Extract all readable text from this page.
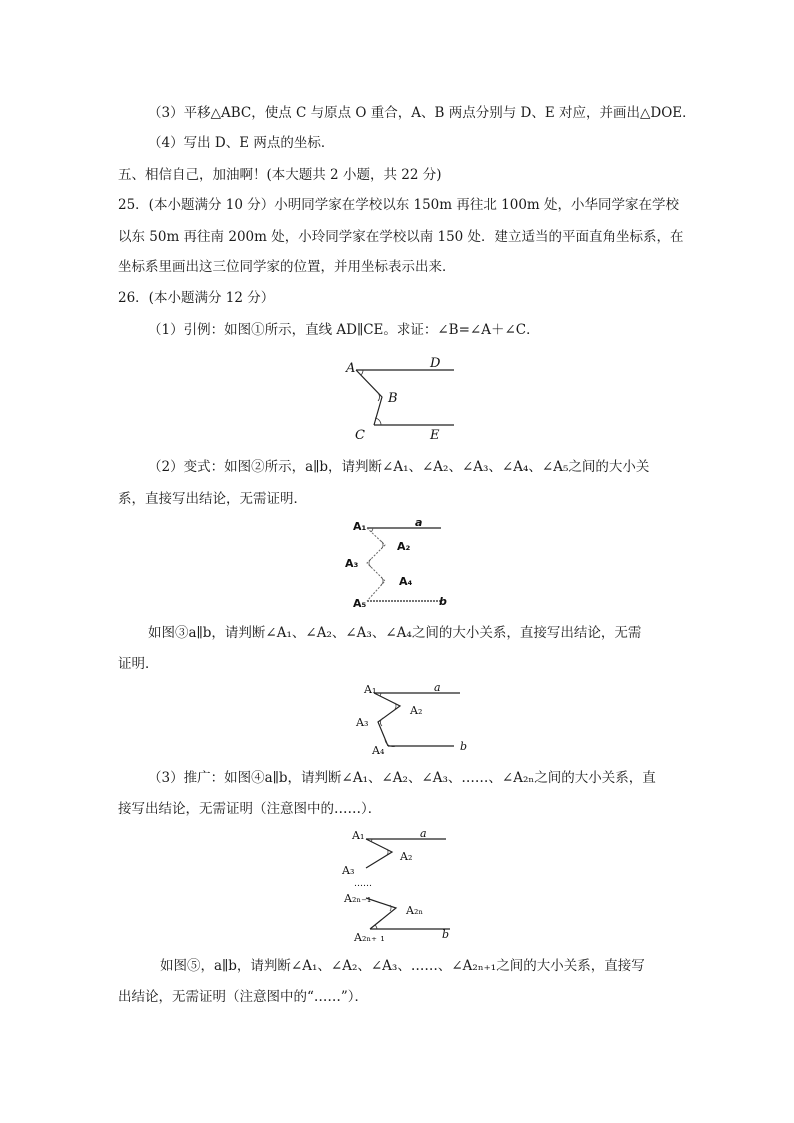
（3）平移△ABC，使点 C 与原点 O 重合，A、B 两点分别与 D、E 对应，并画出△DOE．
（4）写出 D、E 两点的坐标．
五、相信自己，加油啊！(本大题共 2 小题，共 22 分)
25．(本小题满分 10 分）小明同学家在学校以东 150m 再往北 100m 处，小华同学家在学校
以东 50m 再往南 200m 处，小玲同学家在学校以南 150 处．建立适当的平面直角坐标系，在
坐标系里画出这三位同学家的位置，并用坐标表示出来．
26．(本小题满分 12 分）
（1）引例：如图①所示，直线 AD∥CE。求证：∠B=∠A＋∠C．
A	D
B
C	E
（2）变式：如图②所示，a∥b，请判断∠A₁、∠A₂、∠A₃、∠A₄、∠A₅之间的大小关
系，直接写出结论，无需证明．
A₁	a
A₂
A₃
A₄
A₅	b
如图③a∥b，请判断∠A₁、∠A₂、∠A₃、∠A₄之间的大小关系，直接写出结论，无需
证明．
A₁	a
A₂
A₃
A₄	b
（3）推广：如图④a∥b，请判断∠A₁、∠A₂、∠A₃、……、∠A₂ₙ之间的大小关系，直
接写出结论，无需证明（注意图中的……）．
A₁	a
A₂
A₃
……
A₂ₙ₋₁
A₂ₙ
A₂ₙ₊ ₁	b
如图⑤，a∥b，请判断∠A₁、∠A₂、∠A₃、……、∠A₂ₙ₊₁之间的大小关系，直接写
出结论，无需证明（注意图中的“……”）．
